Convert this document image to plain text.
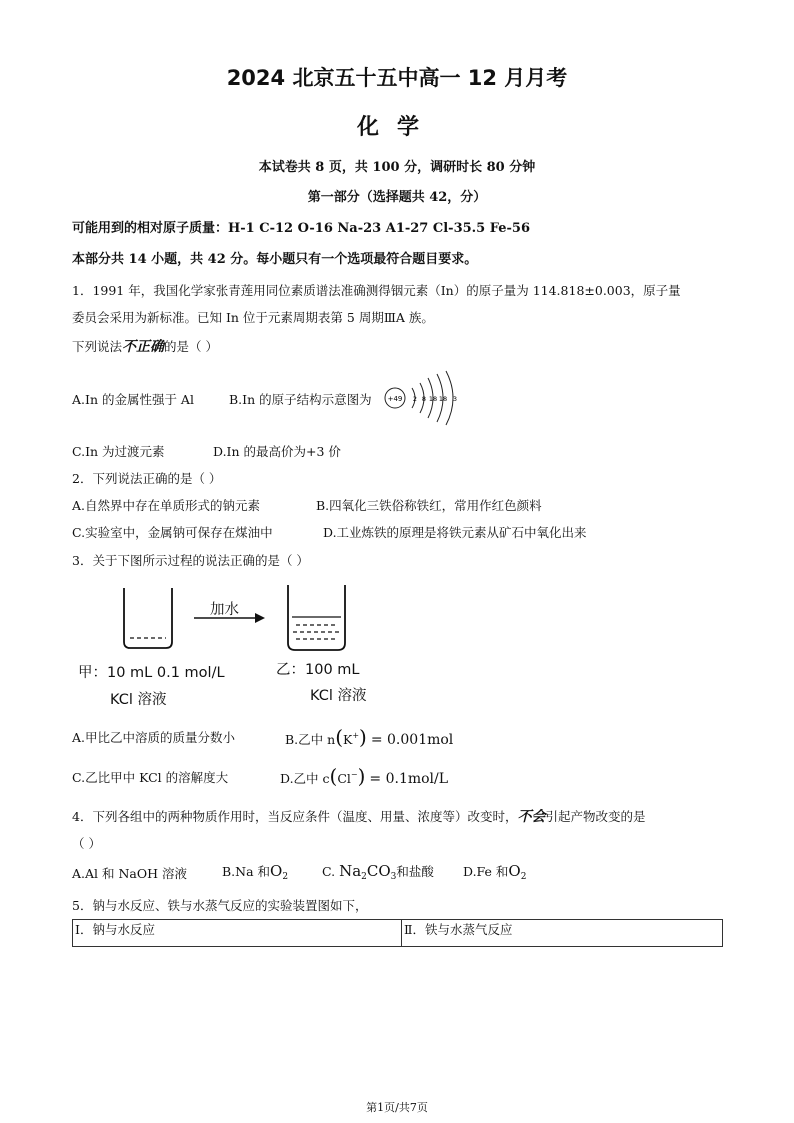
2024 北京五十五中高一 12 月月考
化学
本试卷共 8 页，共 100 分，调研时长 80 分钟
第一部分（选择题共 42，分）
可能用到的相对原子质量：H-1 C-12 O-16 Na-23 A1-27 Cl-35.5 Fe-56
本部分共 14 小题，共 42 分。每小题只有一个选项最符合题目要求。
1．1991 年，我国化学家张青莲用同位素质谱法准确测得铟元素（In）的原子量为 114.818±0.003，原子量
委员会采用为新标准。已知 In 位于元素周期表第 5 周期ⅢA 族。
下列说法不正确的是（ ）
A.In 的金属性强于 Al	B.In 的原子结构示意图为 +49 2 8 18 18 3
C.In 为过渡元素	D.In 的最高价为+3 价
2．下列说法正确的是（ ）
A.自然界中存在单质形式的钠元素	B.四氧化三铁俗称铁红，常用作红色颜料
C.实验室中，金属钠可保存在煤油中	D.工业炼铁的原理是将铁元素从矿石中氧化出来
3．关于下图所示过程的说法正确的是（ ）
加水
甲：10 mL 0.1 mol/L
KCl 溶液
乙：100 mL
KCl 溶液
A.甲比乙中溶质的质量分数小	B.乙中 n(K+) = 0.001mol
C.乙比甲中 KCl 的溶解度大	D.乙中 c(Cl−) = 0.1mol/L
4．下列各组中的两种物质作用时，当反应条件（温度、用量、浓度等）改变时，不会引起产物改变的是
（ ）
A.Al 和 NaOH 溶液	B.Na 和$O_2$	C. $Na_2CO_3$和盐酸 D.Fe 和$O_2$
5．钠与水反应、铁与水蒸气反应的实验装置图如下，
Ⅰ．钠与水反应	Ⅱ．铁与水蒸气反应
第1页/共7页
